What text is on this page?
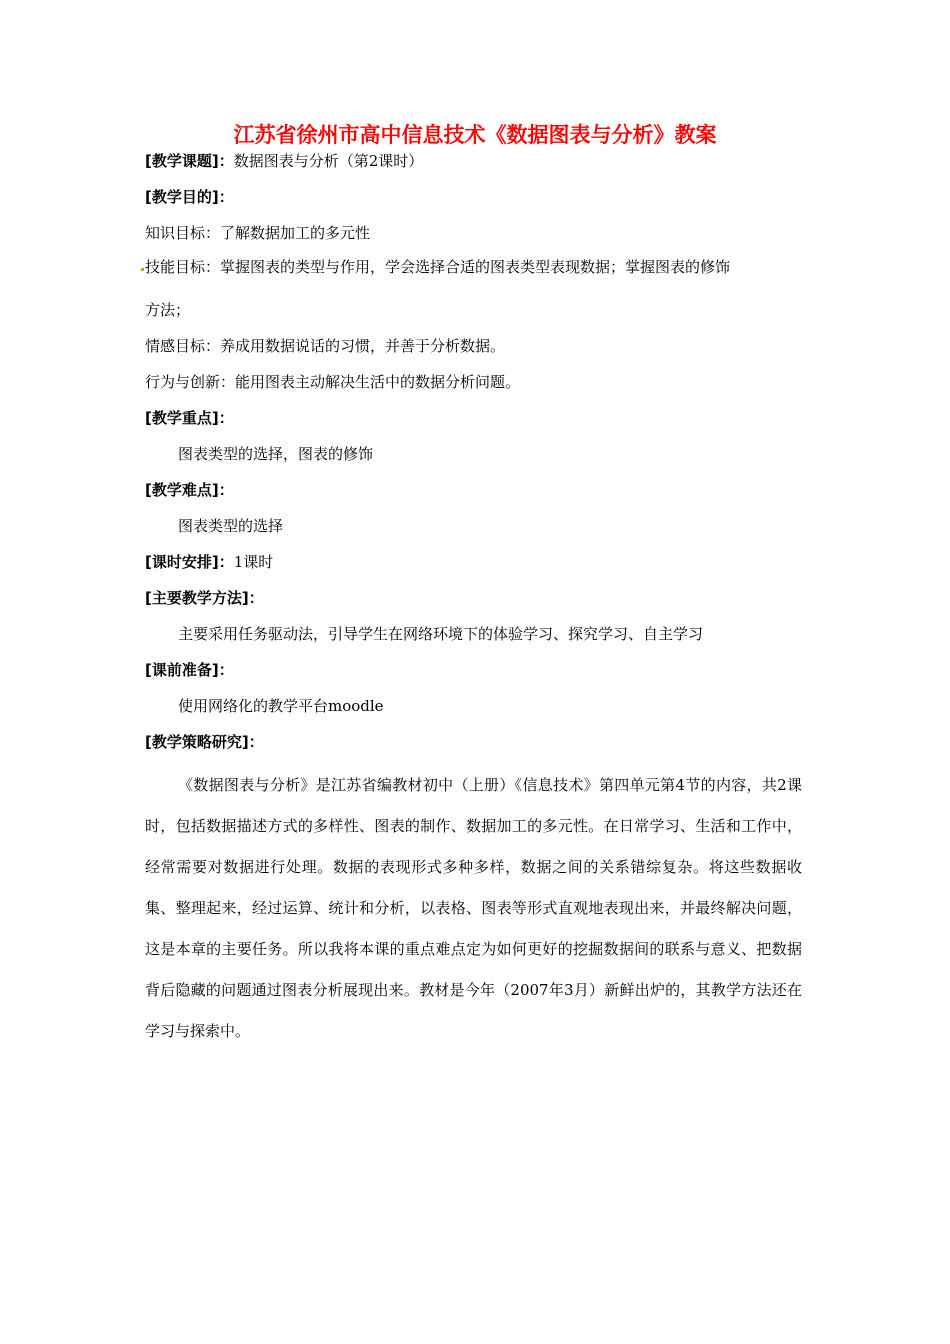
江苏省徐州市高中信息技术《数据图表与分析》教案
[教学课题]：数据图表与分析（第2课时）
[教学目的]：
知识目标：了解数据加工的多元性
技能目标：掌握图表的类型与作用，学会选择合适的图表类型表现数据；掌握图表的修饰
方法；
情感目标：养成用数据说话的习惯，并善于分析数据。
行为与创新：能用图表主动解决生活中的数据分析问题。
[教学重点]：
图表类型的选择，图表的修饰
[教学难点]：
图表类型的选择
[课时安排]：1课时
[主要教学方法]：
主要采用任务驱动法，引导学生在网络环境下的体验学习、探究学习、自主学习
[课前准备]：
使用网络化的教学平台moodle
[教学策略研究]：
《数据图表与分析》是江苏省编教材初中（上册）《信息技术》第四单元第4节的内容，共2课时，包括数据描述方式的多样性、图表的制作、数据加工的多元性。在日常学习、生活和工作中，经常需要对数据进行处理。数据的表现形式多种多样，数据之间的关系错综复杂。将这些数据收集、整理起来，经过运算、统计和分析，以表格、图表等形式直观地表现出来，并最终解决问题，这是本章的主要任务。所以我将本课的重点难点定为如何更好的挖掘数据间的联系与意义、把数据背后隐藏的问题通过图表分析展现出来。教材是今年（2007年3月）新鲜出炉的，其教学方法还在学习与探索中。
